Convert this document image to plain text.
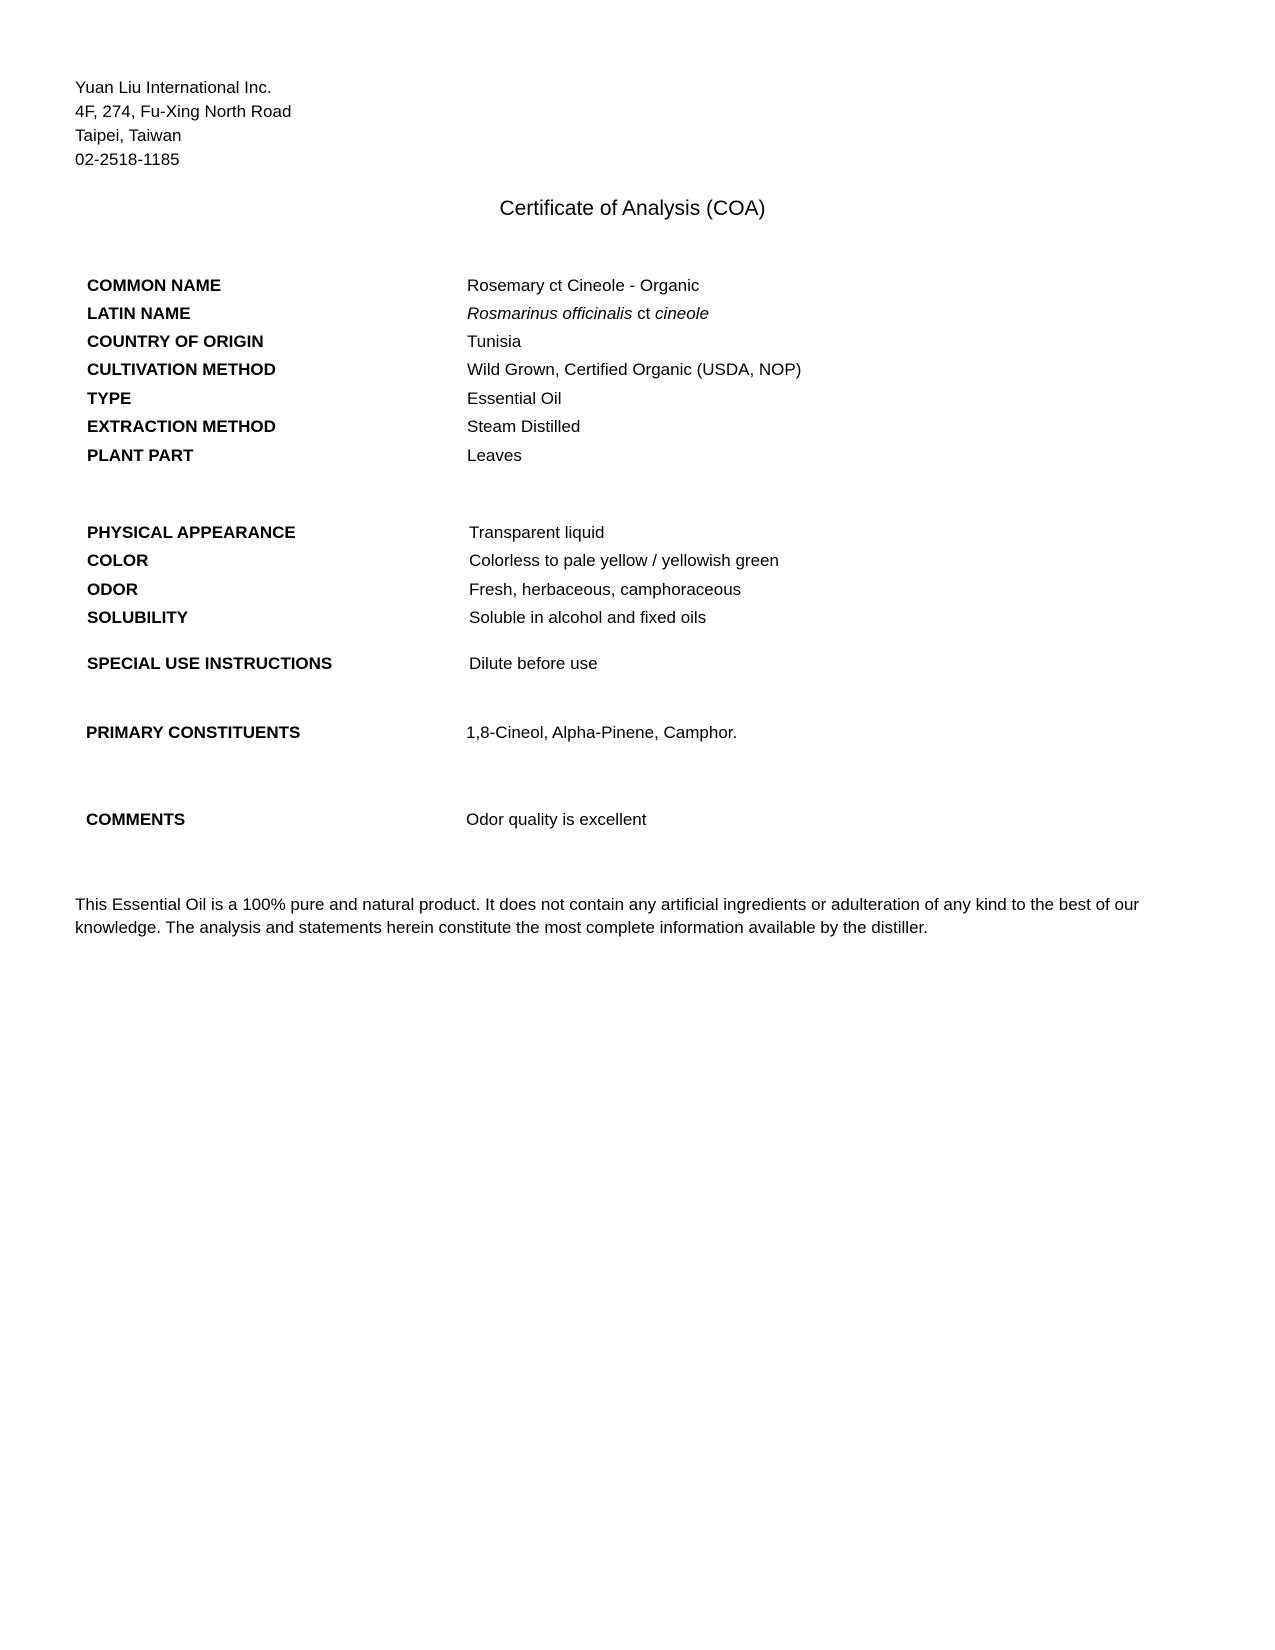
Yuan Liu International Inc.
4F, 274, Fu-Xing North Road
Taipei, Taiwan
02-2518-1185
Certificate of Analysis (COA)
COMMON NAME	Rosemary ct Cineole - Organic
LATIN NAME	Rosmarinus officinalis ct cineole
COUNTRY OF ORIGIN	Tunisia
CULTIVATION METHOD	Wild Grown, Certified Organic (USDA, NOP)
TYPE	Essential Oil
EXTRACTION METHOD	Steam Distilled
PLANT PART	Leaves
PHYSICAL APPEARANCE	Transparent liquid
COLOR	Colorless to pale yellow / yellowish green
ODOR	Fresh, herbaceous, camphoraceous
SOLUBILITY	Soluble in alcohol and fixed oils
SPECIAL USE INSTRUCTIONS	Dilute before use
PRIMARY CONSTITUENTS	1,8-Cineol, Alpha-Pinene, Camphor.
COMMENTS	Odor quality is excellent
This Essential Oil is a 100% pure and natural product. It does not contain any artificial ingredients or adulteration of any kind to the best of our knowledge. The analysis and statements herein constitute the most complete information available by the distiller.
